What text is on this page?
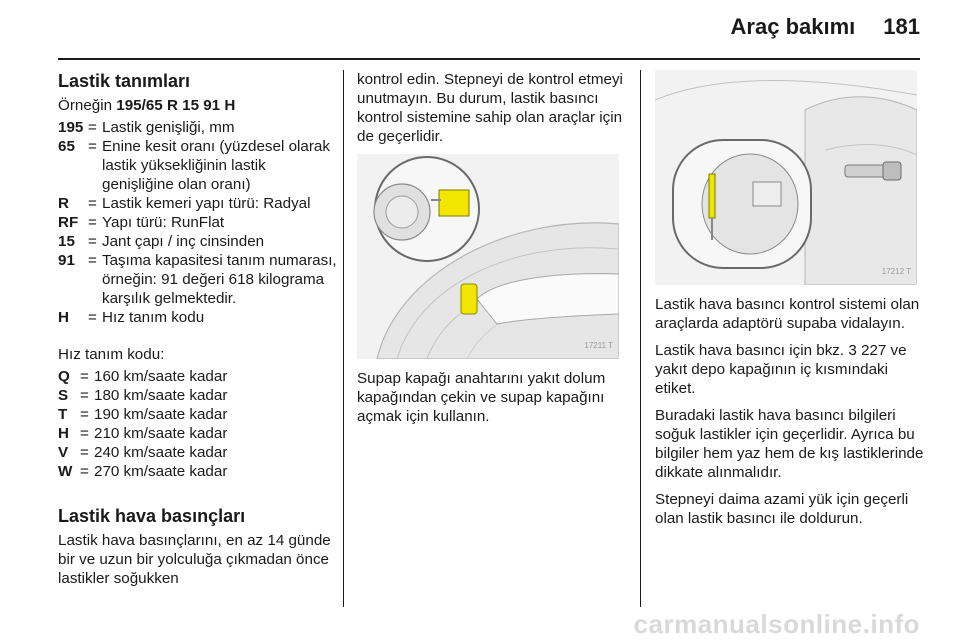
Araç bakımı 181
Lastik tanımları
Örneğin 195/65 R 15 91 H
195 = Lastik genişliği, mm
65 = Enine kesit oranı (yüzdesel olarak lastik yüksekliğinin lastik genişliğine olan oranı)
R	= Lastik kemeri yapı türü: Radyal
RF = Yapı türü: RunFlat
15 = Jant çapı / inç cinsinden
91 = Taşıma kapasitesi tanım numarası, örneğin: 91 değeri 618 kilograma karşılık gelmektedir.
H	= Hız tanım kodu
Hız tanım kodu:
Q = 160 km/saate kadar
S = 180 km/saate kadar
T = 190 km/saate kadar
H = 210 km/saate kadar
V = 240 km/saate kadar
W = 270 km/saate kadar
Lastik hava basınçları

Lastik hava basınçlarını, en az 14 günde bir ve uzun bir yolculuğa çıkmadan önce lastikler soğukken

kontrol edin. Stepneyi de kontrol etmeyi unutmayın. Bu durum, lastik basıncı kontrol sistemine sahip olan araçlar için de geçerlidir.

17211 T

Supap kapağı anahtarını yakıt dolum kapağından çekin ve supap kapağını açmak için kullanın.

17212 T

Lastik hava basıncı kontrol sistemi olan araçlarda adaptörü supaba vidalayın.

Lastik hava basıncı için bkz. 3 227 ve yakıt depo kapağının iç kısmındaki etiket.

Buradaki lastik hava basıncı bilgileri soğuk lastikler için geçerlidir. Ayrıca bu bilgiler hem yaz hem de kış lastiklerinde dikkate alınmalıdır.

Stepneyi daima azami yük için geçerli olan lastik basıncı ile doldurun.

carmanualsonline.info
